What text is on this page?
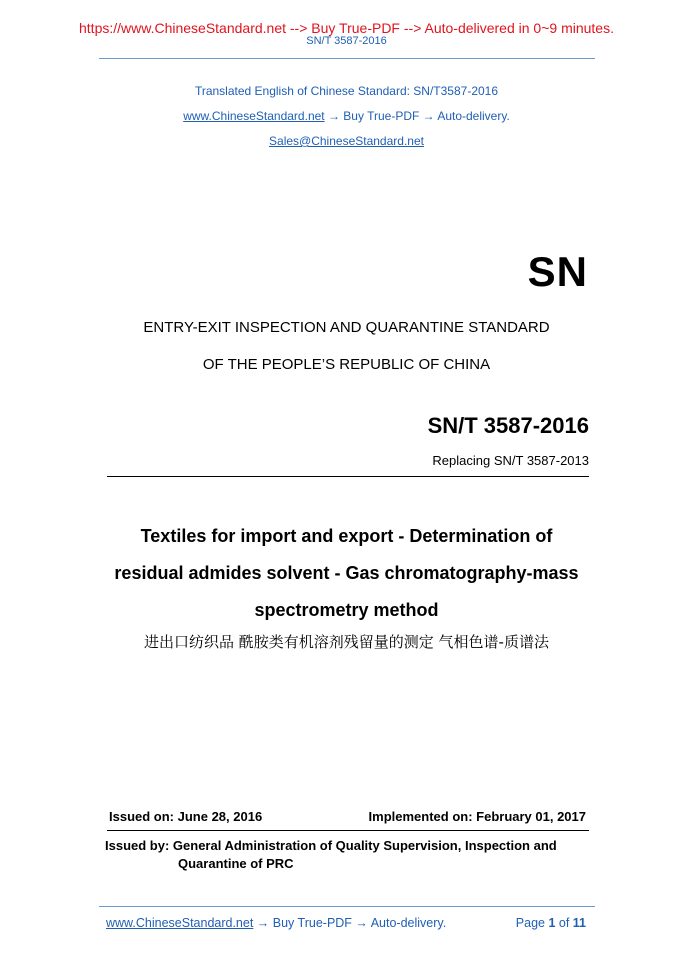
https://www.ChineseStandard.net --> Buy True-PDF --> Auto-delivered in 0~9 minutes.
SN/T 3587-2016
Translated English of Chinese Standard: SN/T3587-2016
www.ChineseStandard.net → Buy True-PDF → Auto-delivery.
Sales@ChineseStandard.net
SN
ENTRY-EXIT INSPECTION AND QUARANTINE STANDARD
OF THE PEOPLE’S REPUBLIC OF CHINA
SN/T 3587-2016
Replacing SN/T 3587-2013
Textiles for import and export - Determination of
residual admides solvent - Gas chromatography-mass
spectrometry method
进出口纺织品 酰胺类有机溶剂残留量的测定 气相色谱-质谱法
Issued on: June 28, 2016	Implemented on: February 01, 2017
Issued by: General Administration of Quality Supervision, Inspection and
Quarantine of PRC
www.ChineseStandard.net → Buy True-PDF → Auto-delivery.	Page 1 of 11
